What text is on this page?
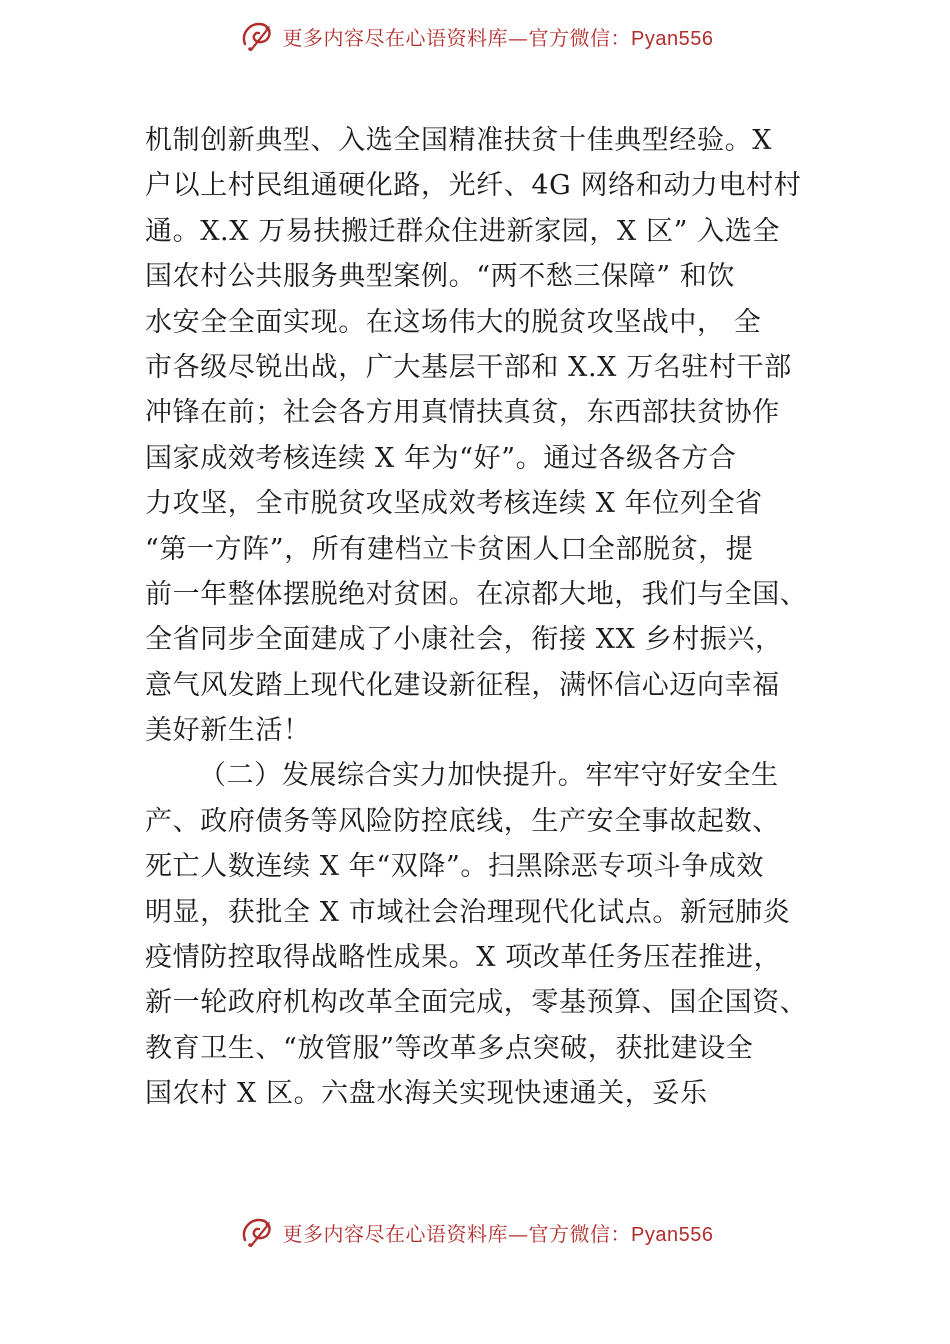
更多内容尽在心语资料库—官方微信：Pyan556
机制创新典型、入选全国精准扶贫十佳典型经验。X
户以上村民组通硬化路，光纤、4G 网络和动力电村村
通。X.X 万易扶搬迁群众住进新家园，X 区” 入选全
国农村公共服务典型案例。“两不愁三保障” 和饮
水安全全面实现。在这场伟大的脱贫攻坚战中， 全
市各级尽锐出战，广大基层干部和 X.X 万名驻村干部
冲锋在前；社会各方用真情扶真贫，东西部扶贫协作
国家成效考核连续 X 年为“好”。通过各级各方合
力攻坚，全市脱贫攻坚成效考核连续 X 年位列全省
“第一方阵”，所有建档立卡贫困人口全部脱贫，提
前一年整体摆脱绝对贫困。在凉都大地，我们与全国、
全省同步全面建成了小康社会，衔接 XX 乡村振兴，
意气风发踏上现代化建设新征程，满怀信心迈向幸福
美好新生活！
（二）发展综合实力加快提升。牢牢守好安全生
产、政府债务等风险防控底线，生产安全事故起数、
死亡人数连续 X 年“双降”。扫黑除恶专项斗争成效
明显，获批全 X 市域社会治理现代化试点。新冠肺炎
疫情防控取得战略性成果。X 项改革任务压茬推进，
新一轮政府机构改革全面完成，零基预算、国企国资、
教育卫生、“放管服”等改革多点突破，获批建设全
国农村 X 区。六盘水海关实现快速通关，妥乐
更多内容尽在心语资料库—官方微信：Pyan556
